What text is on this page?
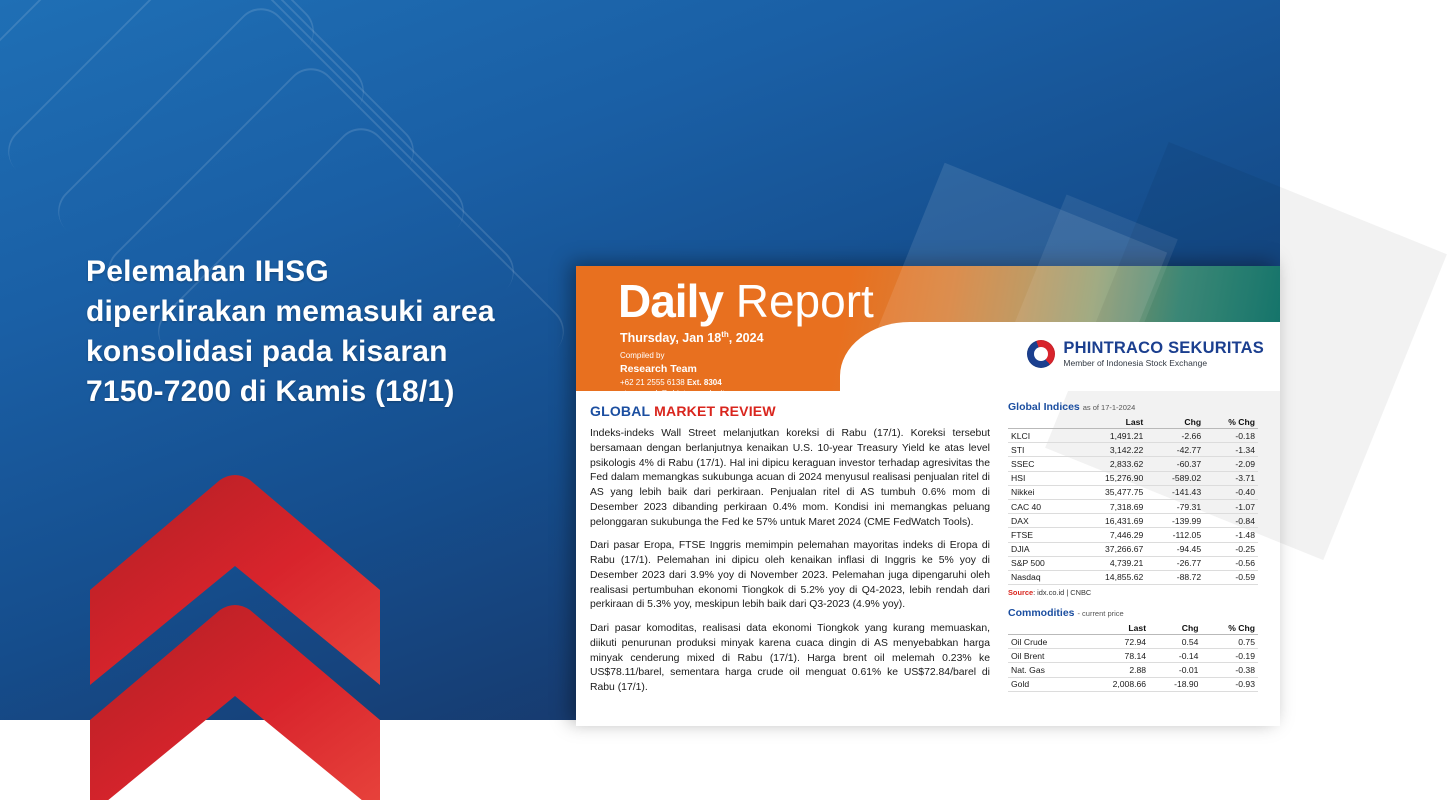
Pelemahan IHSG diperkirakan memasuki area konsolidasi pada kisaran 7150-7200 di Kamis (18/1)
Daily Report
Thursday, Jan 18th, 2024
Compiled by
Research Team
+62 21 2555 6138 Ext. 8304
at.research@phintracosekuritas.com
PHINTRACO SEKURITAS
Member of Indonesia Stock Exchange
GLOBAL MARKET REVIEW

Indeks-indeks Wall Street melanjutkan koreksi di Rabu (17/1). Koreksi tersebut bersamaan dengan berlanjutnya kenaikan U.S. 10-year Treasury Yield ke atas level psikologis 4% di Rabu (17/1). Hal ini dipicu keraguan investor terhadap agresivitas the Fed dalam memangkas sukubunga acuan di 2024 menyusul realisasi penjualan ritel di AS yang lebih baik dari perkiraan. Penjualan ritel di AS tumbuh 0.6% mom di Desember 2023 dibanding perkiraan 0.4% mom. Kondisi ini memangkas peluang pelonggaran sukubunga the Fed ke 57% untuk Maret 2024 (CME FedWatch Tools).

Dari pasar Eropa, FTSE Inggris memimpin pelemahan mayoritas indeks di Eropa di Rabu (17/1). Pelemahan ini dipicu oleh kenaikan inflasi di Inggris ke 5% yoy di Desember 2023 dari 3.9% yoy di November 2023. Pelemahan juga dipengaruhi oleh realisasi pertumbuhan ekonomi Tiongkok di 5.2% yoy di Q4-2023, lebih rendah dari perkiraan di 5.3% yoy, meskipun lebih baik dari Q3-2023 (4.9% yoy).

Dari pasar komoditas, realisasi data ekonomi Tiongkok yang kurang memuaskan, diikuti penurunan produksi minyak karena cuaca dingin di AS menyebabkan harga minyak cenderung mixed di Rabu (17/1). Harga brent oil melemah 0.23% ke US$78.11/barel, sementara harga crude oil menguat 0.61% ke US$72.84/barel di Rabu (17/1).

Global Indices as of 17-1-2024
	Last	Chg	% Chg
KLCI	1,491.21	-2.66	-0.18
STI	3,142.22	-42.77	-1.34
SSEC	2,833.62	-60.37	-2.09
HSI	15,276.90	-589.02	-3.71
Nikkei	35,477.75	-141.43	-0.40
CAC 40	7,318.69	-79.31	-1.07
DAX	16,431.69	-139.99	-0.84
FTSE	7,446.29	-112.05	-1.48
DJIA	37,266.67	-94.45	-0.25
S&P 500	4,739.21	-26.77	-0.56
Nasdaq	14,855.62	-88.72	-0.59
Source: idx.co.id | CNBC
Commodities - current price
	Last	Chg	% Chg
Oil Crude	72.94	0.54	0.75
Oil Brent	78.14	-0.14	-0.19
Nat. Gas	2.88	-0.01	-0.38
Gold	2,008.66	-18.90	-0.93
